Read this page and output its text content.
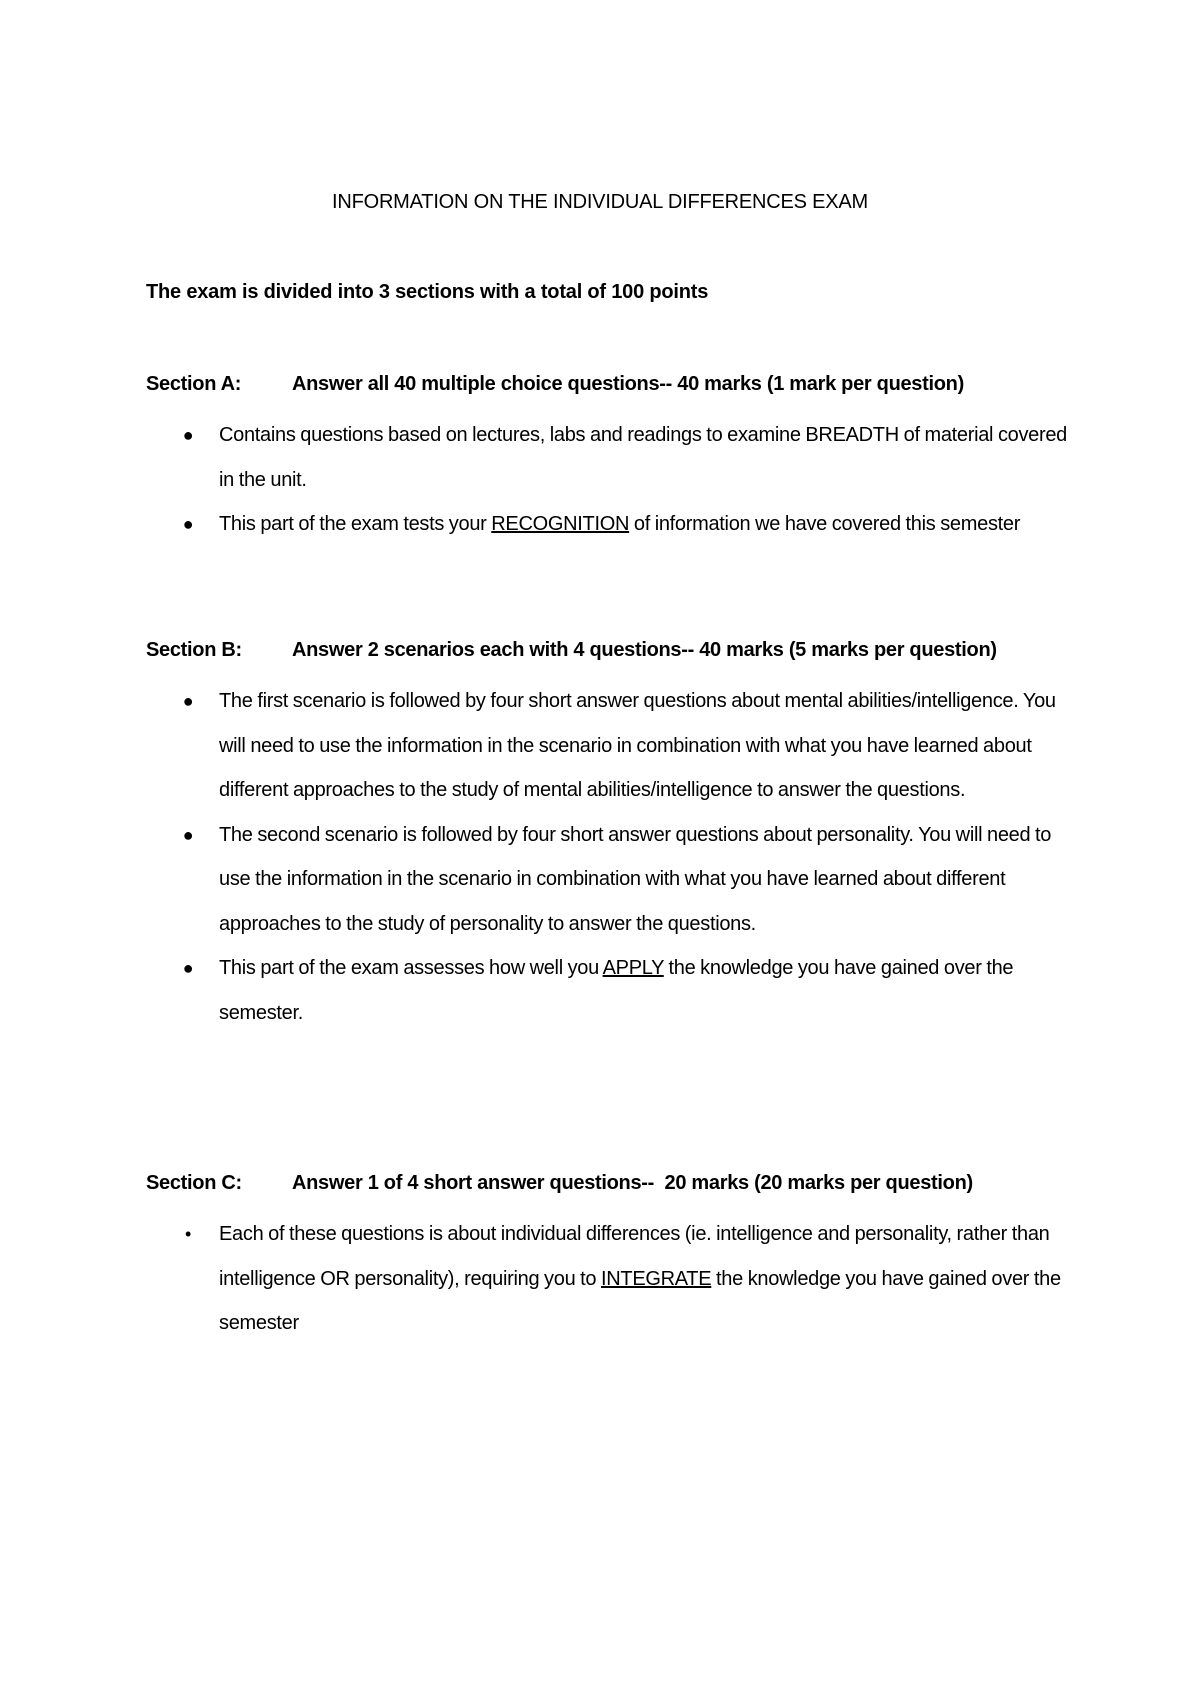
INFORMATION ON THE INDIVIDUAL DIFFERENCES EXAM
The exam is divided into 3 sections with a total of 100 points
Section A:	Answer all 40 multiple choice questions-- 40 marks (1 mark per question)
● Contains questions based on lectures, labs and readings to examine BREADTH of material covered in the unit.
● This part of the exam tests your RECOGNITION of information we have covered this semester
Section B:	Answer 2 scenarios each with 4 questions-- 40 marks (5 marks per question)
● The first scenario is followed by four short answer questions about mental abilities/intelligence. You will need to use the information in the scenario in combination with what you have learned about different approaches to the study of mental abilities/intelligence to answer the questions.
● The second scenario is followed by four short answer questions about personality. You will need to use the information in the scenario in combination with what you have learned about different approaches to the study of personality to answer the questions.
● This part of the exam assesses how well you APPLY the knowledge you have gained over the semester.
Section C:	Answer 1 of 4 short answer questions--  20 marks (20 marks per question)
• Each of these questions is about individual differences (ie. intelligence and personality, rather than intelligence OR personality), requiring you to INTEGRATE the knowledge you have gained over the semester
